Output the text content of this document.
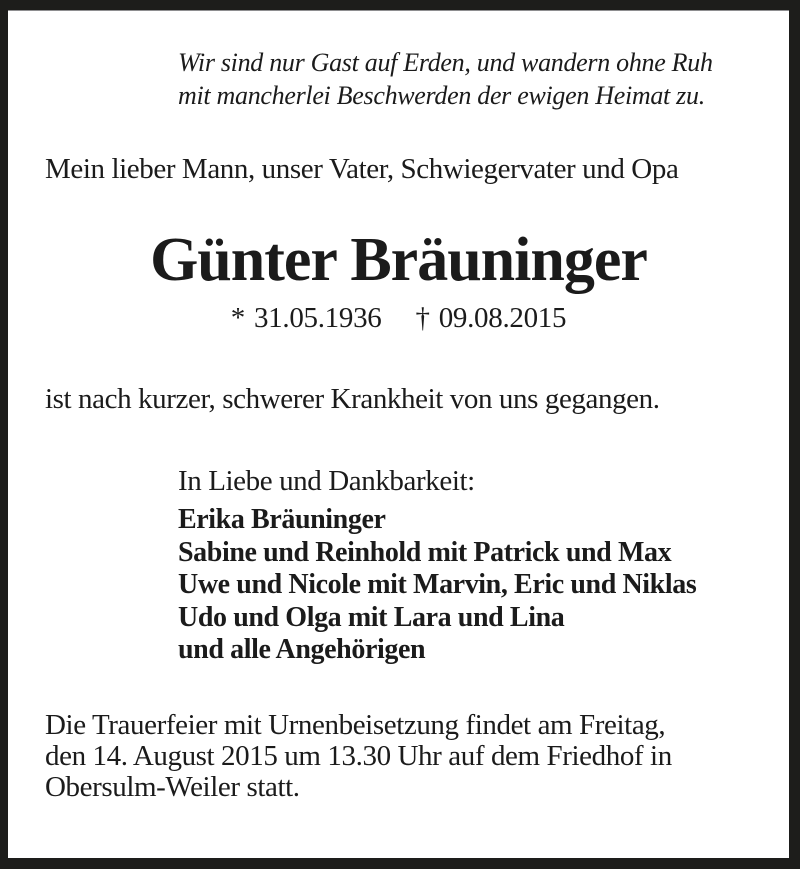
Wir sind nur Gast auf Erden, und wandern ohne Ruh
mit mancherlei Beschwerden der ewigen Heimat zu.
Mein lieber Mann, unser Vater, Schwiegervater und Opa
Günter Bräuninger
* 31.05.1936 † 09.08.2015
ist nach kurzer, schwerer Krankheit von uns gegangen.
In Liebe und Dankbarkeit:
Erika Bräuninger
Sabine und Reinhold mit Patrick und Max
Uwe und Nicole mit Marvin, Eric und Niklas
Udo und Olga mit Lara und Lina
und alle Angehörigen
Die Trauerfeier mit Urnenbeisetzung findet am Freitag,
den 14. August 2015 um 13.30 Uhr auf dem Friedhof in
Obersulm-Weiler statt.
